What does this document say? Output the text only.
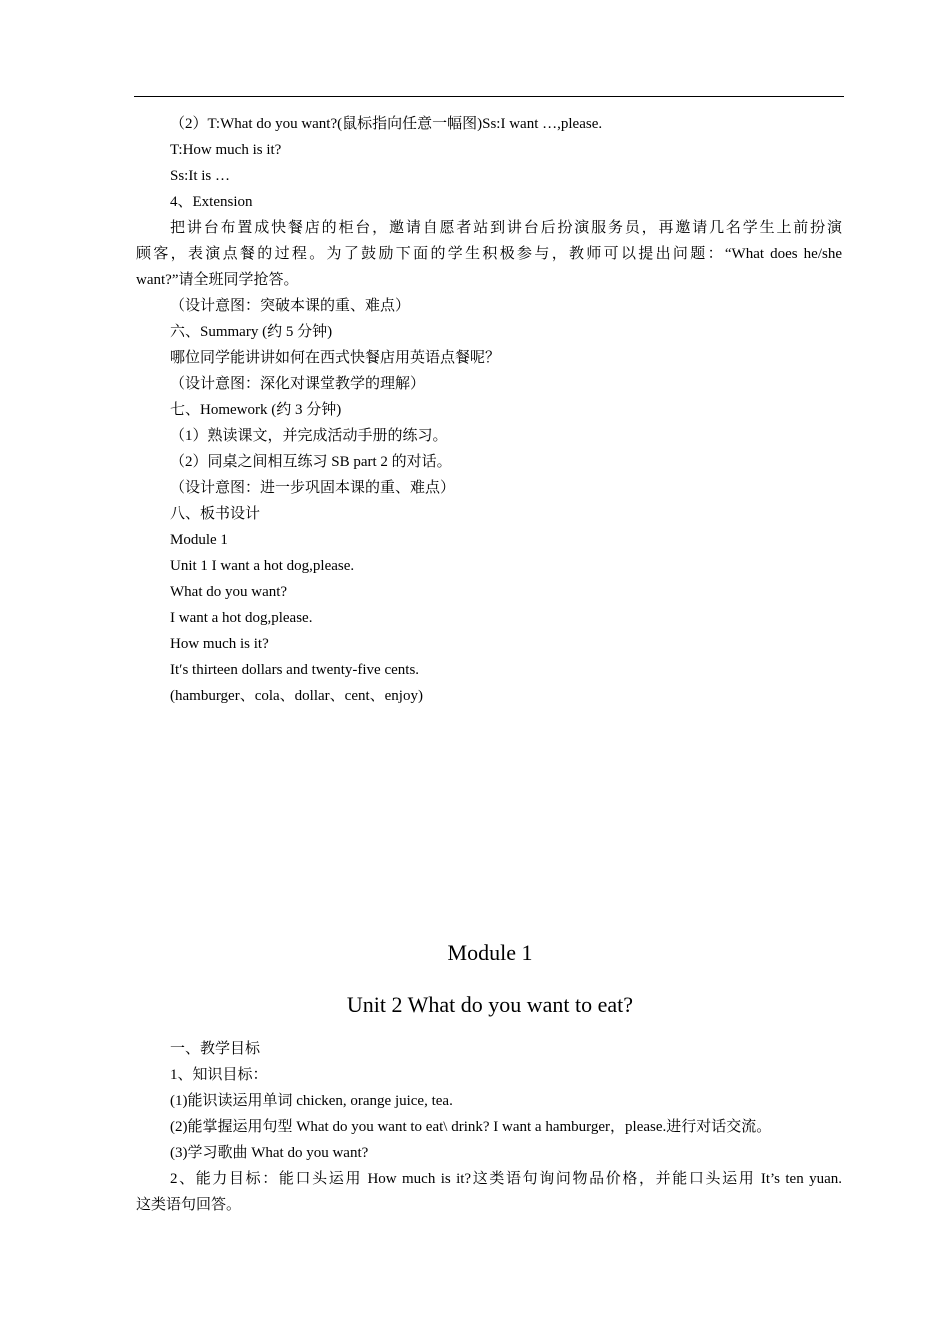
（2）T:What do you want?(鼠标指向任意一幅图)Ss:I want …,please.
T:How much is it?
Ss:It is …
4、Extension
把讲台布置成快餐店的柜台，邀请自愿者站到讲台后扮演服务员，再邀请几名学生上前扮演
顾客，表演点餐的过程。为了鼓励下面的学生积极参与，教师可以提出问题：“What does he/she
want?”请全班同学抢答。
（设计意图：突破本课的重、难点）
六、Summary (约 5 分钟)
哪位同学能讲讲如何在西式快餐店用英语点餐呢？
（设计意图：深化对课堂教学的理解）
七、Homework (约 3 分钟)
（1）熟读课文，并完成活动手册的练习。
（2）同桌之间相互练习 SB part 2 的对话。
（设计意图：进一步巩固本课的重、难点）
八、板书设计
Module 1
Unit 1 I want a hot dog,please.
What do you want?
I want a hot dog,please.
How much is it?
It′s thirteen dollars and twenty-five cents.
(hamburger、cola、dollar、cent、enjoy)
Module 1
Unit 2 What do you want to eat?
一、教学目标
1、知识目标：
(1)能识读运用单词 chicken, orange juice, tea.
(2)能掌握运用句型 What do you want to eat\ drink? I want a hamburger，please.进行对话交流。
(3)学习歌曲 What do you want?
2、能力目标：能口头运用 How much is it?这类语句询问物品价格，并能口头运用 It’s ten yuan.
这类语句回答。
